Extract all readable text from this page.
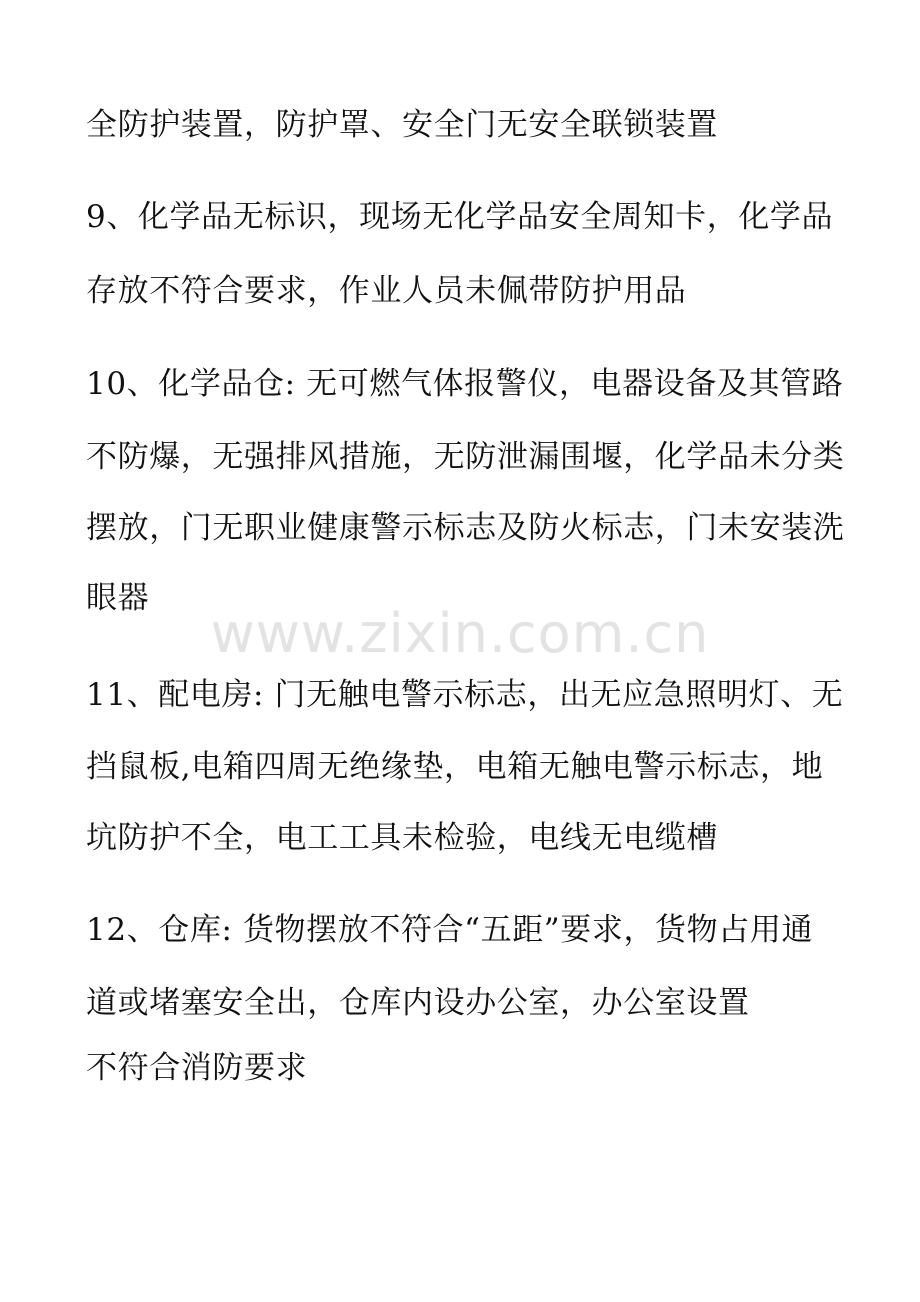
全防护装置，防护罩、安全门无安全联锁装置
9、化学品无标识，现场无化学品安全周知卡，化学品
存放不符合要求，作业人员未佩带防护用品
10、化学品仓: 无可燃气体报警仪，电器设备及其管路
不防爆，无强排风措施，无防泄漏围堰，化学品未分类
摆放，门无职业健康警示标志及防火标志，门未安装洗
眼器
www.zixin.com.cn
11、配电房: 门无触电警示标志，出无应急照明灯、无
挡鼠板,电箱四周无绝缘垫，电箱无触电警示标志，地
坑防护不全，电工工具未检验，电线无电缆槽
12、仓库: 货物摆放不符合“五距”要求，货物占用通
道或堵塞安全出，仓库内设办公室，办公室设置
不符合消防要求
